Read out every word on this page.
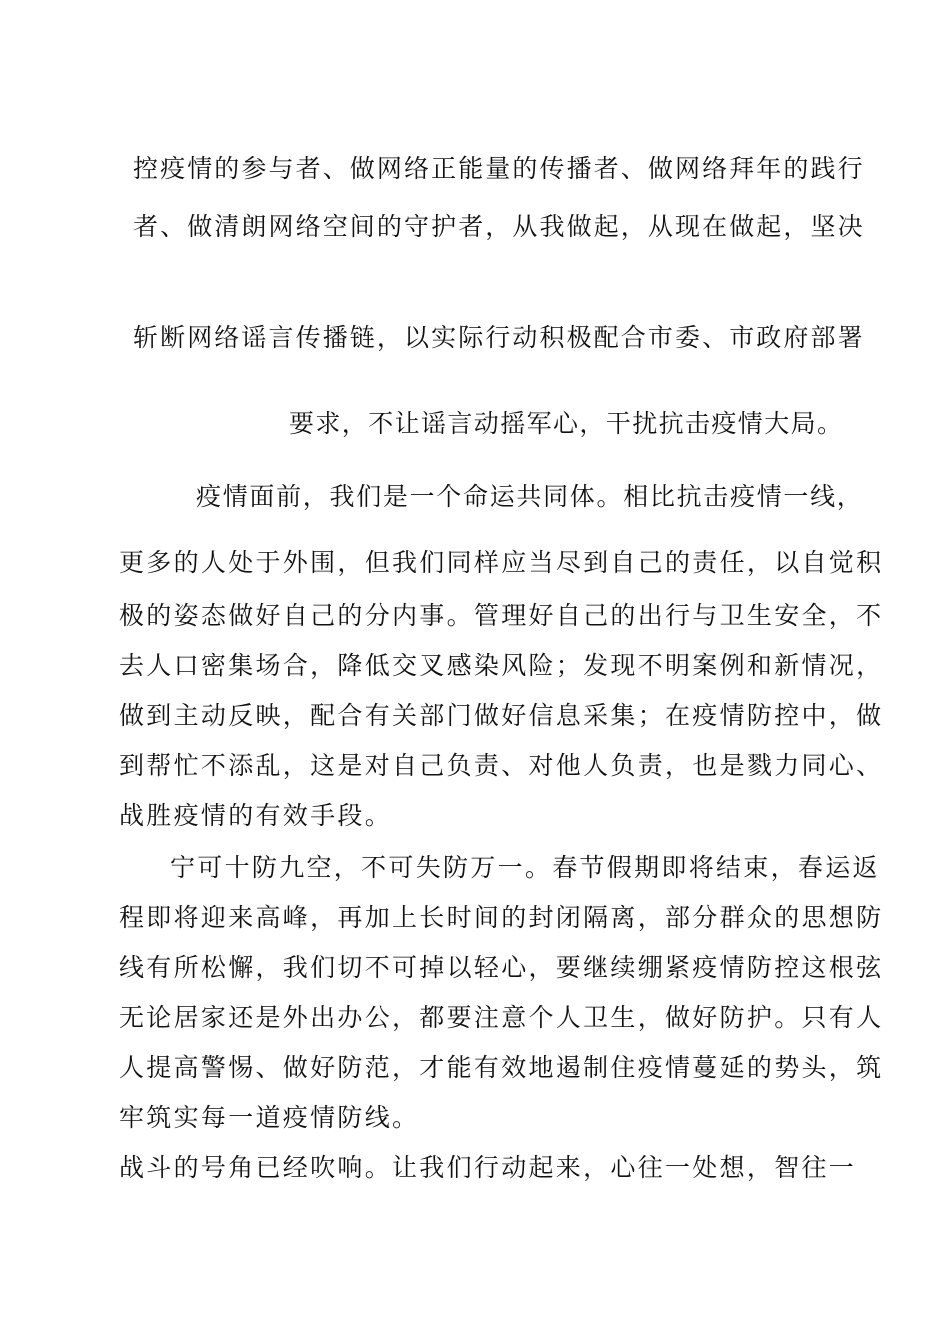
控疫情的参与者、做网络正能量的传播者、做网络拜年的践行
者、做清朗网络空间的守护者，从我做起，从现在做起，坚决
斩断网络谣言传播链，以实际行动积极配合市委、市政府部署
要求，不让谣言动摇军心，干扰抗击疫情大局。
疫情面前，我们是一个命运共同体。相比抗击疫情一线，
更多的人处于外围，但我们同样应当尽到自己的责任，以自觉积
极的姿态做好自己的分内事。管理好自己的出行与卫生安全，不
去人口密集场合，降低交叉感染风险；发现不明案例和新情况，
做到主动反映，配合有关部门做好信息采集；在疫情防控中，做
到帮忙不添乱，这是对自己负责、对他人负责，也是戮力同心、
战胜疫情的有效手段。
宁可十防九空，不可失防万一。春节假期即将结束，春运返
程即将迎来高峰，再加上长时间的封闭隔离，部分群众的思想防
线有所松懈，我们切不可掉以轻心，要继续绷紧疫情防控这根弦
无论居家还是外出办公，都要注意个人卫生，做好防护。只有人
人提高警惕、做好防范，才能有效地遏制住疫情蔓延的势头，筑
牢筑实每一道疫情防线。
战斗的号角已经吹响。让我们行动起来，心往一处想，智往一
